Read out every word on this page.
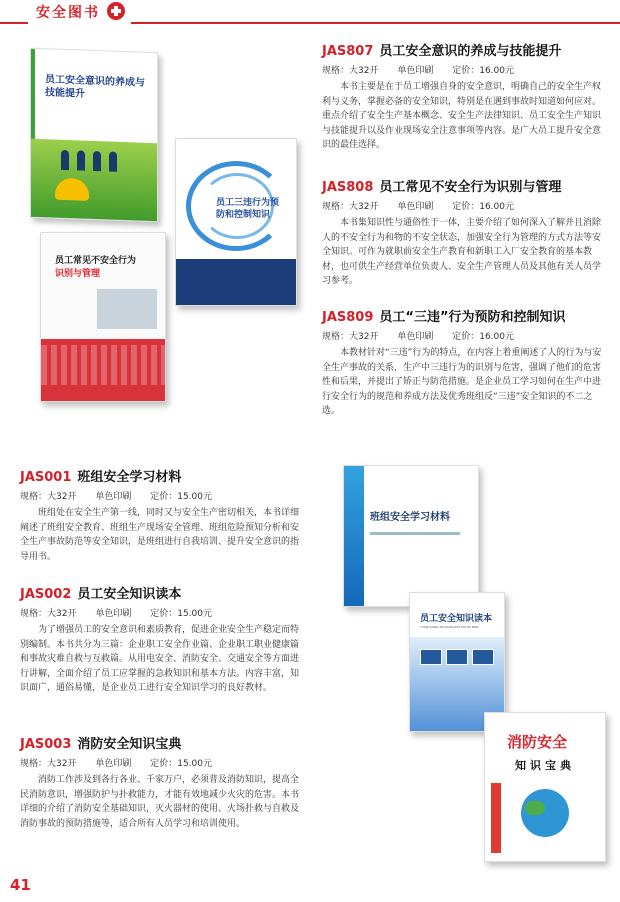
安全图书
员工安全意识的养成与技能提升
员工三违行为预防和控制知识
员工常见不安全行为
识别与管理
班组安全学习材料
员工安全知识读本
YUAN GONG AN QUAN ZHI SHI DU BEN
消防安全
知识宝典
JAS807 员工安全意识的养成与技能提升
规格：大32开 单色印刷 定价：16.00元

本书主要是在于员工增强自身的安全意识，明确自己的安全生产权利与义务，掌握必备的安全知识，特别是在遇到事故时知道如何应对。重点介绍了安全生产基本概念、安全生产法律知识、员工安全生产知识与技能提升以及作业现场安全注意事项等内容。是广大员工提升安全意识的最佳选择。

JAS808 员工常见不安全行为识别与管理
规格：大32开 单色印刷 定价：16.00元

本书集知识性与通俗性于一体，主要介绍了如何深入了解并且消除人的不安全行为和物的不安全状态，加强安全行为管理的方式方法等安全知识。可作为就职前安全生产教育和新职工入厂安全教育的基本教材，也可供生产经营单位负责人、安全生产管理人员及其他有关人员学习参考。

JAS809 员工“三违”行为预防和控制知识
规格：大32开 单色印刷 定价：16.00元

本教材针对“三违”行为的特点，在内容上着重阐述了人的行为与安全生产事故的关系，生产中三违行为的识别与危害，强调了他们的危害性和后果，并提出了矫正与防范措施。是企业员工学习如何在生产中进行安全行为的规范和养成方法及优秀班组反“三违”安全知识的不二之选。

JAS001 班组安全学习材料
规格：大32开 单色印刷 定价：15.00元

班组处在安全生产第一线，同时又与安全生产密切相关，本书详细阐述了班组安全教育、班组生产现场安全管理、班组危险预知分析和安全生产事故防范等安全知识，是班组进行自我培训、提升安全意识的指导用书。

JAS002 员工安全知识读本
规格：大32开 单色印刷 定价：15.00元

为了增强员工的安全意识和素质教育，促进企业安全生产稳定而特别编制。本书共分为三篇：企业职工安全作业篇、企业职工职业健康篇和事故灾难自救与互救篇。从用电安全、消防安全、交通安全等方面进行讲解，全面介绍了员工应掌握的急救知识和基本方法。内容丰富，知识面广，通俗易懂，是企业员工进行安全知识学习的良好教材。

JAS003 消防安全知识宝典
规格：大32开 单色印刷 定价：15.00元

消防工作涉及到各行各业、千家万户，必须普及消防知识，提高全民消防意识，增强防护与扑救能力，才能有效地减少火灾的危害。本书详细的介绍了消防安全基础知识，灭火器材的使用、火场扑救与自救及消防事故的预防措施等，适合所有人员学习和培训使用。

41
